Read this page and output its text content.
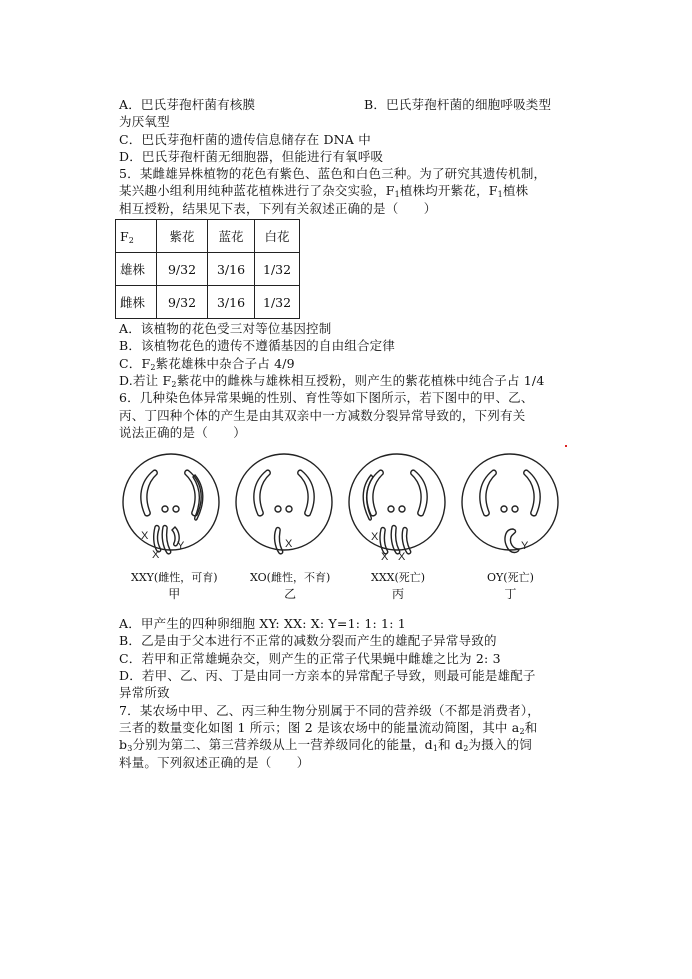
A．巴氏芽孢杆菌有核膜	B．巴氏芽孢杆菌的细胞呼吸类型
为厌氧型
C．巴氏芽孢杆菌的遗传信息储存在 DNA 中
D．巴氏芽孢杆菌无细胞器，但能进行有氧呼吸
5．某雌雄异株植物的花色有紫色、蓝色和白色三种。为了研究其遗传机制，
某兴趣小组利用纯种蓝花植株进行了杂交实验，$F_1$植株均开紫花，$F_1$植株
相互授粉，结果见下表，下列有关叙述正确的是（　　）
$F_2$	紫花	蓝花	白花
雄株	9/32	3/16	1/32
雌株	9/32	3/16	1/32
A．该植物的花色受三对等位基因控制
B．该植物花色的遗传不遵循基因的自由组合定律
C．$F_2$紫花雄株中杂合子占 4/9
D.若让 $F_2$紫花中的雌株与雄株相互授粉，则产生的紫花植株中纯合子占 1/4
6．几种染色体异常果蝇的性别、育性等如下图所示，若下图中的甲、乙、
丙、丁四种个体的产生是由其双亲中一方减数分裂异常导致的，下列有关
说法正确的是（　　）
X
X
Y	X
X
X X
Y
XXY(雌性，可育)
甲
XO(雌性，不育)
乙
XXX(死亡)
丙
OY(死亡)
丁
A．甲产生的四种卵细胞 XY: XX: X: Y=1: 1: 1: 1
B．乙是由于父本进行不正常的减数分裂而产生的雄配子异常导致的
C．若甲和正常雄蝇杂交，则产生的正常子代果蝇中雌雄之比为 2: 3
D．若甲、乙、丙、丁是由同一方亲本的异常配子导致，则最可能是雄配子
异常所致
7．某农场中甲、乙、丙三种生物分别属于不同的营养级（不都是消费者），
三者的数量变化如图 1 所示；图 2 是该农场中的能量流动简图，其中 $a_2$和
$b_3$分别为第二、第三营养级从上一营养级同化的能量，$d_1$和 $d_2$为摄入的饲
料量。下列叙述正确的是（　　）
